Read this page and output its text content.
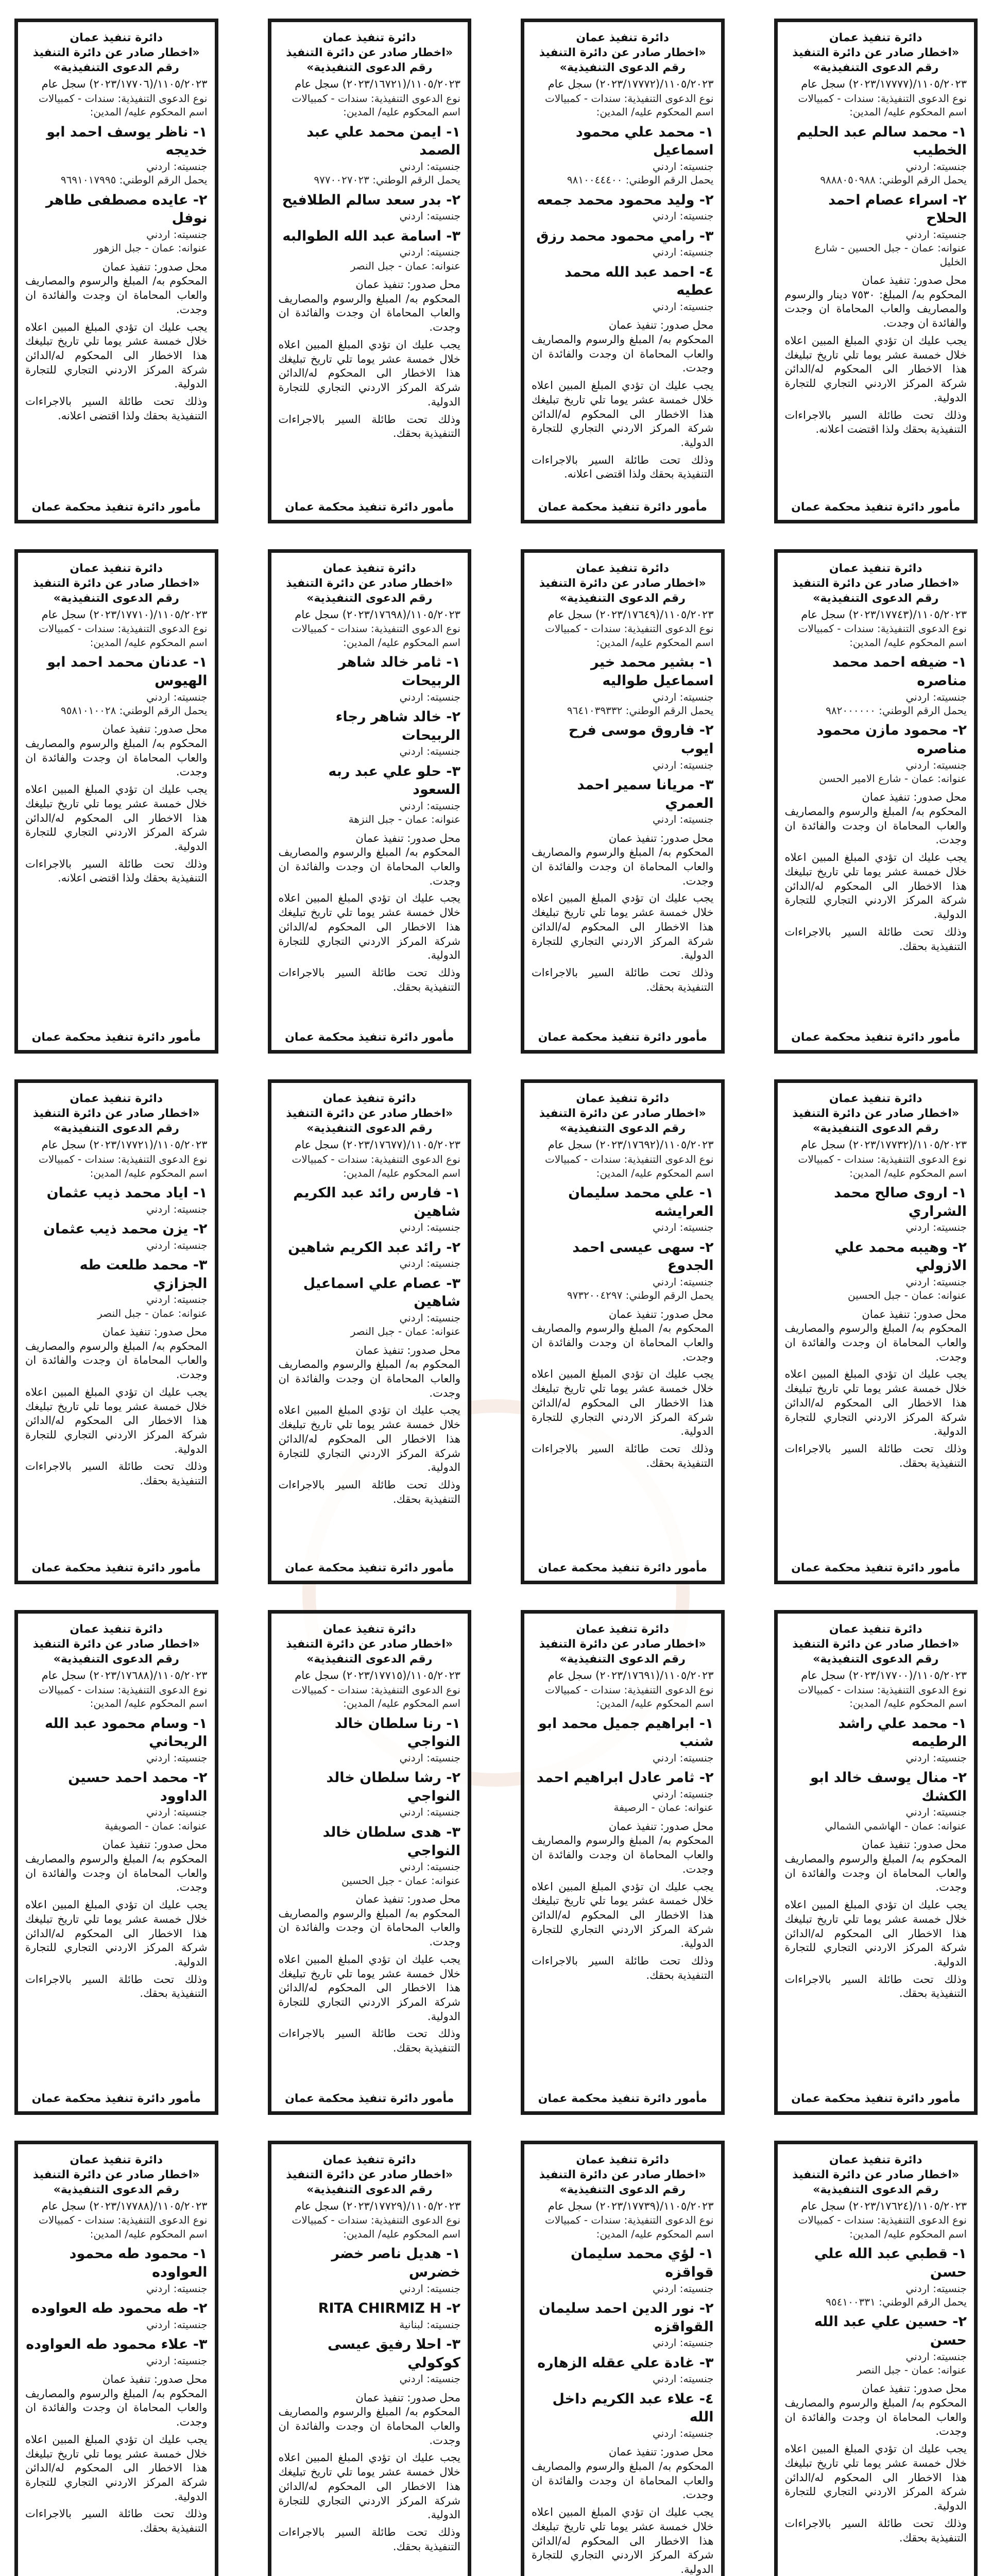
دائرة تنفيذ عمان
«اخطار صادر عن دائرة التنفيذ
رقم الدعوى التنفيذية»
١١٠٥/٢٠٢٣/(٢٠٢٣/١٧٧٧٧) سجل عام
نوع الدعوى التنفيذية: سندات - كمبيالات
اسم المحكوم عليه/ المدين:
١- محمد سالم عبد الحليم الخطيب
جنسيته: اردني
يحمل الرقم الوطني: ٩٨٨٨٠٥٠٩٨٨
٢- اسراء عصام احمد الحلاح
جنسيته: اردني
عنوانه: عمان - جبل الحسين - شارع الخليل

محل صدور: تنفيذ عمان
المحكوم به/ المبلغ: ٧٥٣٠ دينار والرسوم والمصاريف والعاب المحاماة ان وجدت والفائدة ان وجدت.

يجب عليك ان تؤدي المبلغ المبين اعلاه خلال خمسة عشر يوما تلي تاريخ تبليغك هذا الاخطار الى المحكوم له/الدائن شركة المركز الاردني التجاري للتجارة الدولية.

وذلك تحت طائلة السير بالاجراءات التنفيذية بحقك ولذا اقتضت اعلانه.

مأمور دائرة تنفيذ محكمة عمان
دائرة تنفيذ عمان
«اخطار صادر عن دائرة التنفيذ
رقم الدعوى التنفيذية»
١١٠٥/٢٠٢٣/(٢٠٢٣/١٧٧٧٢) سجل عام
نوع الدعوى التنفيذية: سندات - كمبيالات
اسم المحكوم عليه/ المدين:
١- محمد علي محمود اسماعيل
جنسيته: اردني
يحمل الرقم الوطني: ٩٨١٠٠٤٤٤٠٠
٢- وليد محمود محمد جمعه
جنسيته: اردني
٣- رامي محمود محمد رزق
جنسيته: اردني
٤- احمد عبد الله محمد عطيه
جنسيته: اردني

محل صدور: تنفيذ عمان
المحكوم به/ المبلغ والرسوم والمصاريف والعاب المحاماة ان وجدت والفائدة ان وجدت.

يجب عليك ان تؤدي المبلغ المبين اعلاه خلال خمسة عشر يوما تلي تاريخ تبليغك هذا الاخطار الى المحكوم له/الدائن شركة المركز الاردني التجاري للتجارة الدولية.

وذلك تحت طائلة السير بالاجراءات التنفيذية بحقك ولذا اقتضى اعلانه.

مأمور دائرة تنفيذ محكمة عمان
دائرة تنفيذ عمان
«اخطار صادر عن دائرة التنفيذ
رقم الدعوى التنفيذية»
١١٠٥/٢٠٢٣/(٢٠٢٣/١٦٧٢١) سجل عام
نوع الدعوى التنفيذية: سندات - كمبيالات
اسم المحكوم عليه/ المدين:
١- ايمن محمد علي عبد الصمد
جنسيته: اردني
يحمل الرقم الوطني: ٩٧٧٠٠٢٧٠٢٣
٢- بدر سعد سالم الطلافيح
جنسيته: اردني
٣- اسامة عبد الله الطوالبه
جنسيته: اردني
عنوانه: عمان - جبل النصر

محل صدور: تنفيذ عمان
المحكوم به/ المبلغ والرسوم والمصاريف والعاب المحاماة ان وجدت والفائدة ان وجدت.

يجب عليك ان تؤدي المبلغ المبين اعلاه خلال خمسة عشر يوما تلي تاريخ تبليغك هذا الاخطار الى المحكوم له/الدائن شركة المركز الاردني التجاري للتجارة الدولية.

وذلك تحت طائلة السير بالاجراءات التنفيذية بحقك.

مأمور دائرة تنفيذ محكمة عمان
دائرة تنفيذ عمان
«اخطار صادر عن دائرة التنفيذ
رقم الدعوى التنفيذية»
١١٠٥/٢٠٢٣/(٢٠٢٣/١٧٧٠٦) سجل عام
نوع الدعوى التنفيذية: سندات - كمبيالات
اسم المحكوم عليه/ المدين:
١- ناظر يوسف احمد ابو خديجه
جنسيته: اردني
يحمل الرقم الوطني: ٩٦٩١٠١٧٩٩٥
٢- عايده مصطفى طاهر نوفل
جنسيته: اردني
عنوانه: عمان - جبل الزهور

محل صدور: تنفيذ عمان
المحكوم به/ المبلغ والرسوم والمصاريف والعاب المحاماة ان وجدت والفائدة ان وجدت.

يجب عليك ان تؤدي المبلغ المبين اعلاه خلال خمسة عشر يوما تلي تاريخ تبليغك هذا الاخطار الى المحكوم له/الدائن شركة المركز الاردني التجاري للتجارة الدولية.

وذلك تحت طائلة السير بالاجراءات التنفيذية بحقك ولذا اقتضى اعلانه.

مأمور دائرة تنفيذ محكمة عمان
دائرة تنفيذ عمان
«اخطار صادر عن دائرة التنفيذ
رقم الدعوى التنفيذية»
١١٠٥/٢٠٢٣/(٢٠٢٣/١٧٧٤٣) سجل عام
نوع الدعوى التنفيذية: سندات - كمبيالات
اسم المحكوم عليه/ المدين:
١- ضيفه احمد محمد مناصره
جنسيته: اردني
يحمل الرقم الوطني: ٩٨٢٠٠٠٠٠٠
٢- محمود مازن محمود مناصره
جنسيته: اردني
عنوانه: عمان - شارع الامير الحسن

محل صدور: تنفيذ عمان
المحكوم به/ المبلغ والرسوم والمصاريف والعاب المحاماة ان وجدت والفائدة ان وجدت.

يجب عليك ان تؤدي المبلغ المبين اعلاه خلال خمسة عشر يوما تلي تاريخ تبليغك هذا الاخطار الى المحكوم له/الدائن شركة المركز الاردني التجاري للتجارة الدولية.

وذلك تحت طائلة السير بالاجراءات التنفيذية بحقك.

مأمور دائرة تنفيذ محكمة عمان
دائرة تنفيذ عمان
«اخطار صادر عن دائرة التنفيذ
رقم الدعوى التنفيذية»
١١٠٥/٢٠٢٣/(٢٠٢٣/١٧٦٤٩) سجل عام
نوع الدعوى التنفيذية: سندات - كمبيالات
اسم المحكوم عليه/ المدين:
١- بشير محمد خير اسماعيل طواليه
جنسيته: اردني
يحمل الرقم الوطني: ٩٦٤١٠٣٩٣٣٢
٢- فاروق موسى فرح ايوب
جنسيته: اردني
٣- مريانا سمير احمد العمري
جنسيته: اردني

محل صدور: تنفيذ عمان
المحكوم به/ المبلغ والرسوم والمصاريف والعاب المحاماة ان وجدت والفائدة ان وجدت.

يجب عليك ان تؤدي المبلغ المبين اعلاه خلال خمسة عشر يوما تلي تاريخ تبليغك هذا الاخطار الى المحكوم له/الدائن شركة المركز الاردني التجاري للتجارة الدولية.

وذلك تحت طائلة السير بالاجراءات التنفيذية بحقك.

مأمور دائرة تنفيذ محكمة عمان
دائرة تنفيذ عمان
«اخطار صادر عن دائرة التنفيذ
رقم الدعوى التنفيذية»
١١٠٥/٢٠٢٣/(٢٠٢٣/١٧٦٩٨) سجل عام
نوع الدعوى التنفيذية: سندات - كمبيالات
اسم المحكوم عليه/ المدين:
١- ثامر خالد شاهر الربيحات
جنسيته: اردني
٢- خالد شاهر رجاء الربيحات
جنسيته: اردني
٣- حلو علي عبد ربه السعود
جنسيته: اردني
عنوانه: عمان - جبل النزهة

محل صدور: تنفيذ عمان
المحكوم به/ المبلغ والرسوم والمصاريف والعاب المحاماة ان وجدت والفائدة ان وجدت.

يجب عليك ان تؤدي المبلغ المبين اعلاه خلال خمسة عشر يوما تلي تاريخ تبليغك هذا الاخطار الى المحكوم له/الدائن شركة المركز الاردني التجاري للتجارة الدولية.

وذلك تحت طائلة السير بالاجراءات التنفيذية بحقك.

مأمور دائرة تنفيذ محكمة عمان
دائرة تنفيذ عمان
«اخطار صادر عن دائرة التنفيذ
رقم الدعوى التنفيذية»
١١٠٥/٢٠٢٣/(٢٠٢٣/١٧٧١٠) سجل عام
نوع الدعوى التنفيذية: سندات - كمبيالات
اسم المحكوم عليه/ المدين:
١- عدنان محمد احمد ابو الهيوس
جنسيته: اردني
يحمل الرقم الوطني: ٩٥٨١٠١٠٠٢٨

محل صدور: تنفيذ عمان
المحكوم به/ المبلغ والرسوم والمصاريف والعاب المحاماة ان وجدت والفائدة ان وجدت.

يجب عليك ان تؤدي المبلغ المبين اعلاه خلال خمسة عشر يوما تلي تاريخ تبليغك هذا الاخطار الى المحكوم له/الدائن شركة المركز الاردني التجاري للتجارة الدولية.

وذلك تحت طائلة السير بالاجراءات التنفيذية بحقك ولذا اقتضى اعلانه.

مأمور دائرة تنفيذ محكمة عمان
دائرة تنفيذ عمان
«اخطار صادر عن دائرة التنفيذ
رقم الدعوى التنفيذية»
١١٠٥/٢٠٢٣/(٢٠٢٣/١٧٧٣٢) سجل عام
نوع الدعوى التنفيذية: سندات - كمبيالات
اسم المحكوم عليه/ المدين:
١- اروى صالح محمد الشراري
جنسيته: اردني
٢- وهيبه محمد علي الازولي
جنسيته: اردني
عنوانه: عمان - جبل الحسين

محل صدور: تنفيذ عمان
المحكوم به/ المبلغ والرسوم والمصاريف والعاب المحاماة ان وجدت والفائدة ان وجدت.

يجب عليك ان تؤدي المبلغ المبين اعلاه خلال خمسة عشر يوما تلي تاريخ تبليغك هذا الاخطار الى المحكوم له/الدائن شركة المركز الاردني التجاري للتجارة الدولية.

وذلك تحت طائلة السير بالاجراءات التنفيذية بحقك.

مأمور دائرة تنفيذ محكمة عمان
دائرة تنفيذ عمان
«اخطار صادر عن دائرة التنفيذ
رقم الدعوى التنفيذية»
١١٠٥/٢٠٢٣/(٢٠٢٣/١٧٦٩٢) سجل عام
نوع الدعوى التنفيذية: سندات - كمبيالات
اسم المحكوم عليه/ المدين:
١- علي محمد سليمان العرايشه
جنسيته: اردني
٢- سهى عيسى احمد الجدوع
جنسيته: اردني
يحمل الرقم الوطني: ٩٧٣٢٠٠٤٢٩٧

محل صدور: تنفيذ عمان
المحكوم به/ المبلغ والرسوم والمصاريف والعاب المحاماة ان وجدت والفائدة ان وجدت.

يجب عليك ان تؤدي المبلغ المبين اعلاه خلال خمسة عشر يوما تلي تاريخ تبليغك هذا الاخطار الى المحكوم له/الدائن شركة المركز الاردني التجاري للتجارة الدولية.

وذلك تحت طائلة السير بالاجراءات التنفيذية بحقك.

مأمور دائرة تنفيذ محكمة عمان
دائرة تنفيذ عمان
«اخطار صادر عن دائرة التنفيذ
رقم الدعوى التنفيذية»
١١٠٥/٢٠٢٣/(٢٠٢٣/١٧٦٧٧) سجل عام
نوع الدعوى التنفيذية: سندات - كمبيالات
اسم المحكوم عليه/ المدين:
١- فارس رائد عبد الكريم شاهين
جنسيته: اردني
٢- رائد عبد الكريم شاهين
جنسيته: اردني
٣- عصام علي اسماعيل شاهين
جنسيته: اردني
عنوانه: عمان - جبل النصر

محل صدور: تنفيذ عمان
المحكوم به/ المبلغ والرسوم والمصاريف والعاب المحاماة ان وجدت والفائدة ان وجدت.

يجب عليك ان تؤدي المبلغ المبين اعلاه خلال خمسة عشر يوما تلي تاريخ تبليغك هذا الاخطار الى المحكوم له/الدائن شركة المركز الاردني التجاري للتجارة الدولية.

وذلك تحت طائلة السير بالاجراءات التنفيذية بحقك.

مأمور دائرة تنفيذ محكمة عمان
دائرة تنفيذ عمان
«اخطار صادر عن دائرة التنفيذ
رقم الدعوى التنفيذية»
١١٠٥/٢٠٢٣/(٢٠٢٣/١٧٧٢١) سجل عام
نوع الدعوى التنفيذية: سندات - كمبيالات
اسم المحكوم عليه/ المدين:
١- اياد محمد ذيب عثمان
جنسيته: اردني
٢- يزن محمد ذيب عثمان
جنسيته: اردني
٣- محمد طلعت طه الجزازي
جنسيته: اردني
عنوانه: عمان - جبل النصر

محل صدور: تنفيذ عمان
المحكوم به/ المبلغ والرسوم والمصاريف والعاب المحاماة ان وجدت والفائدة ان وجدت.

يجب عليك ان تؤدي المبلغ المبين اعلاه خلال خمسة عشر يوما تلي تاريخ تبليغك هذا الاخطار الى المحكوم له/الدائن شركة المركز الاردني التجاري للتجارة الدولية.

وذلك تحت طائلة السير بالاجراءات التنفيذية بحقك.

مأمور دائرة تنفيذ محكمة عمان
دائرة تنفيذ عمان
«اخطار صادر عن دائرة التنفيذ
رقم الدعوى التنفيذية»
١١٠٥/٢٠٢٣/(٢٠٢٣/١٧٧٠٠) سجل عام
نوع الدعوى التنفيذية: سندات - كمبيالات
اسم المحكوم عليه/ المدين:
١- محمد علي راشد الرطيمه
جنسيته: اردني
٢- منال يوسف خالد ابو الكشك
جنسيته: اردني
عنوانه: عمان - الهاشمي الشمالي

محل صدور: تنفيذ عمان
المحكوم به/ المبلغ والرسوم والمصاريف والعاب المحاماة ان وجدت والفائدة ان وجدت.

يجب عليك ان تؤدي المبلغ المبين اعلاه خلال خمسة عشر يوما تلي تاريخ تبليغك هذا الاخطار الى المحكوم له/الدائن شركة المركز الاردني التجاري للتجارة الدولية.

وذلك تحت طائلة السير بالاجراءات التنفيذية بحقك.

مأمور دائرة تنفيذ محكمة عمان
دائرة تنفيذ عمان
«اخطار صادر عن دائرة التنفيذ
رقم الدعوى التنفيذية»
١١٠٥/٢٠٢٣/(٢٠٢٣/١٧٦٩١) سجل عام
نوع الدعوى التنفيذية: سندات - كمبيالات
اسم المحكوم عليه/ المدين:
١- ابراهيم جميل محمد ابو شنب
جنسيته: اردني
٢- ثامر عادل ابراهيم احمد
جنسيته: اردني
عنوانه: عمان - الرصيفة

محل صدور: تنفيذ عمان
المحكوم به/ المبلغ والرسوم والمصاريف والعاب المحاماة ان وجدت والفائدة ان وجدت.

يجب عليك ان تؤدي المبلغ المبين اعلاه خلال خمسة عشر يوما تلي تاريخ تبليغك هذا الاخطار الى المحكوم له/الدائن شركة المركز الاردني التجاري للتجارة الدولية.

وذلك تحت طائلة السير بالاجراءات التنفيذية بحقك.

مأمور دائرة تنفيذ محكمة عمان
دائرة تنفيذ عمان
«اخطار صادر عن دائرة التنفيذ
رقم الدعوى التنفيذية»
١١٠٥/٢٠٢٣/(٢٠٢٣/١٧٧١٥) سجل عام
نوع الدعوى التنفيذية: سندات - كمبيالات
اسم المحكوم عليه/ المدين:
١- رنا سلطان خالد النواجي
جنسيته: اردني
٢- رشا سلطان خالد النواجي
جنسيته: اردني
٣- هدى سلطان خالد النواجي
جنسيته: اردني
عنوانه: عمان - جبل الحسين

محل صدور: تنفيذ عمان
المحكوم به/ المبلغ والرسوم والمصاريف والعاب المحاماة ان وجدت والفائدة ان وجدت.

يجب عليك ان تؤدي المبلغ المبين اعلاه خلال خمسة عشر يوما تلي تاريخ تبليغك هذا الاخطار الى المحكوم له/الدائن شركة المركز الاردني التجاري للتجارة الدولية.

وذلك تحت طائلة السير بالاجراءات التنفيذية بحقك.

مأمور دائرة تنفيذ محكمة عمان
دائرة تنفيذ عمان
«اخطار صادر عن دائرة التنفيذ
رقم الدعوى التنفيذية»
١١٠٥/٢٠٢٣/(٢٠٢٣/١٧٦٨٨) سجل عام
نوع الدعوى التنفيذية: سندات - كمبيالات
اسم المحكوم عليه/ المدين:
١- وسام محمود عبد الله الريحاني
جنسيته: اردني
٢- محمد احمد حسين الداوود
جنسيته: اردني
عنوانه: عمان - الصويفية

محل صدور: تنفيذ عمان
المحكوم به/ المبلغ والرسوم والمصاريف والعاب المحاماة ان وجدت والفائدة ان وجدت.

يجب عليك ان تؤدي المبلغ المبين اعلاه خلال خمسة عشر يوما تلي تاريخ تبليغك هذا الاخطار الى المحكوم له/الدائن شركة المركز الاردني التجاري للتجارة الدولية.

وذلك تحت طائلة السير بالاجراءات التنفيذية بحقك.

مأمور دائرة تنفيذ محكمة عمان
دائرة تنفيذ عمان
«اخطار صادر عن دائرة التنفيذ
رقم الدعوى التنفيذية»
١١٠٥/٢٠٢٣/(٢٠٢٣/١٧٦٢٤) سجل عام
نوع الدعوى التنفيذية: سندات - كمبيالات
اسم المحكوم عليه/ المدين:
١- قطبي عبد الله علي حسن
جنسيته: اردني
يحمل الرقم الوطني: ٩٥٤١٠٠٣٣١
٢- حسين علي عبد الله حسن
جنسيته: اردني
عنوانه: عمان - جبل النصر

محل صدور: تنفيذ عمان
المحكوم به/ المبلغ والرسوم والمصاريف والعاب المحاماة ان وجدت والفائدة ان وجدت.

يجب عليك ان تؤدي المبلغ المبين اعلاه خلال خمسة عشر يوما تلي تاريخ تبليغك هذا الاخطار الى المحكوم له/الدائن شركة المركز الاردني التجاري للتجارة الدولية.

وذلك تحت طائلة السير بالاجراءات التنفيذية بحقك.

دائرة تنفيذ عمان
«اخطار صادر عن دائرة التنفيذ
رقم الدعوى التنفيذية»
١١٠٥/٢٠٢٣/(٢٠٢٣/١٧٧٣٩) سجل عام
نوع الدعوى التنفيذية: سندات - كمبيالات
اسم المحكوم عليه/ المدين:
١- لؤي محمد سليمان قواقزه
جنسيته: اردني
٢- نور الدين احمد سليمان القواقزه
جنسيته: اردني
٣- غادة علي عقله الزهاره
جنسيته: اردني
٤- علاء عبد الكريم داخل الله
جنسيته: اردني

محل صدور: تنفيذ عمان
المحكوم به/ المبلغ والرسوم والمصاريف والعاب المحاماة ان وجدت والفائدة ان وجدت.

يجب عليك ان تؤدي المبلغ المبين اعلاه خلال خمسة عشر يوما تلي تاريخ تبليغك هذا الاخطار الى المحكوم له/الدائن شركة المركز الاردني التجاري للتجارة الدولية.

دائرة تنفيذ عمان
«اخطار صادر عن دائرة التنفيذ
رقم الدعوى التنفيذية»
١١٠٥/٢٠٢٣/(٢٠٢٣/١٧٧٢٩) سجل عام
نوع الدعوى التنفيذية: سندات - كمبيالات
اسم المحكوم عليه/ المدين:
١- هديل ناصر خضر خضرس
جنسيته: اردني
٢- RITA CHIRMIZ H
جنسيته: لبنانية
٣- احلا رفيق عيسى كوكولي
جنسيته: اردني

محل صدور: تنفيذ عمان
المحكوم به/ المبلغ والرسوم والمصاريف والعاب المحاماة ان وجدت والفائدة ان وجدت.

يجب عليك ان تؤدي المبلغ المبين اعلاه خلال خمسة عشر يوما تلي تاريخ تبليغك هذا الاخطار الى المحكوم له/الدائن شركة المركز الاردني التجاري للتجارة الدولية.

وذلك تحت طائلة السير بالاجراءات التنفيذية بحقك.

دائرة تنفيذ عمان
«اخطار صادر عن دائرة التنفيذ
رقم الدعوى التنفيذية»
١١٠٥/٢٠٢٣/(٢٠٢٣/١٧٧٨٨) سجل عام
نوع الدعوى التنفيذية: سندات - كمبيالات
اسم المحكوم عليه/ المدين:
١- محمود طه محمود العواوده
جنسيته: اردني
٢- طه محمود طه العواوده
جنسيته: اردني
٣- علاء محمود طه العواوده
جنسيته: اردني

محل صدور: تنفيذ عمان
المحكوم به/ المبلغ والرسوم والمصاريف والعاب المحاماة ان وجدت والفائدة ان وجدت.

يجب عليك ان تؤدي المبلغ المبين اعلاه خلال خمسة عشر يوما تلي تاريخ تبليغك هذا الاخطار الى المحكوم له/الدائن شركة المركز الاردني التجاري للتجارة الدولية.

وذلك تحت طائلة السير بالاجراءات التنفيذية بحقك.
